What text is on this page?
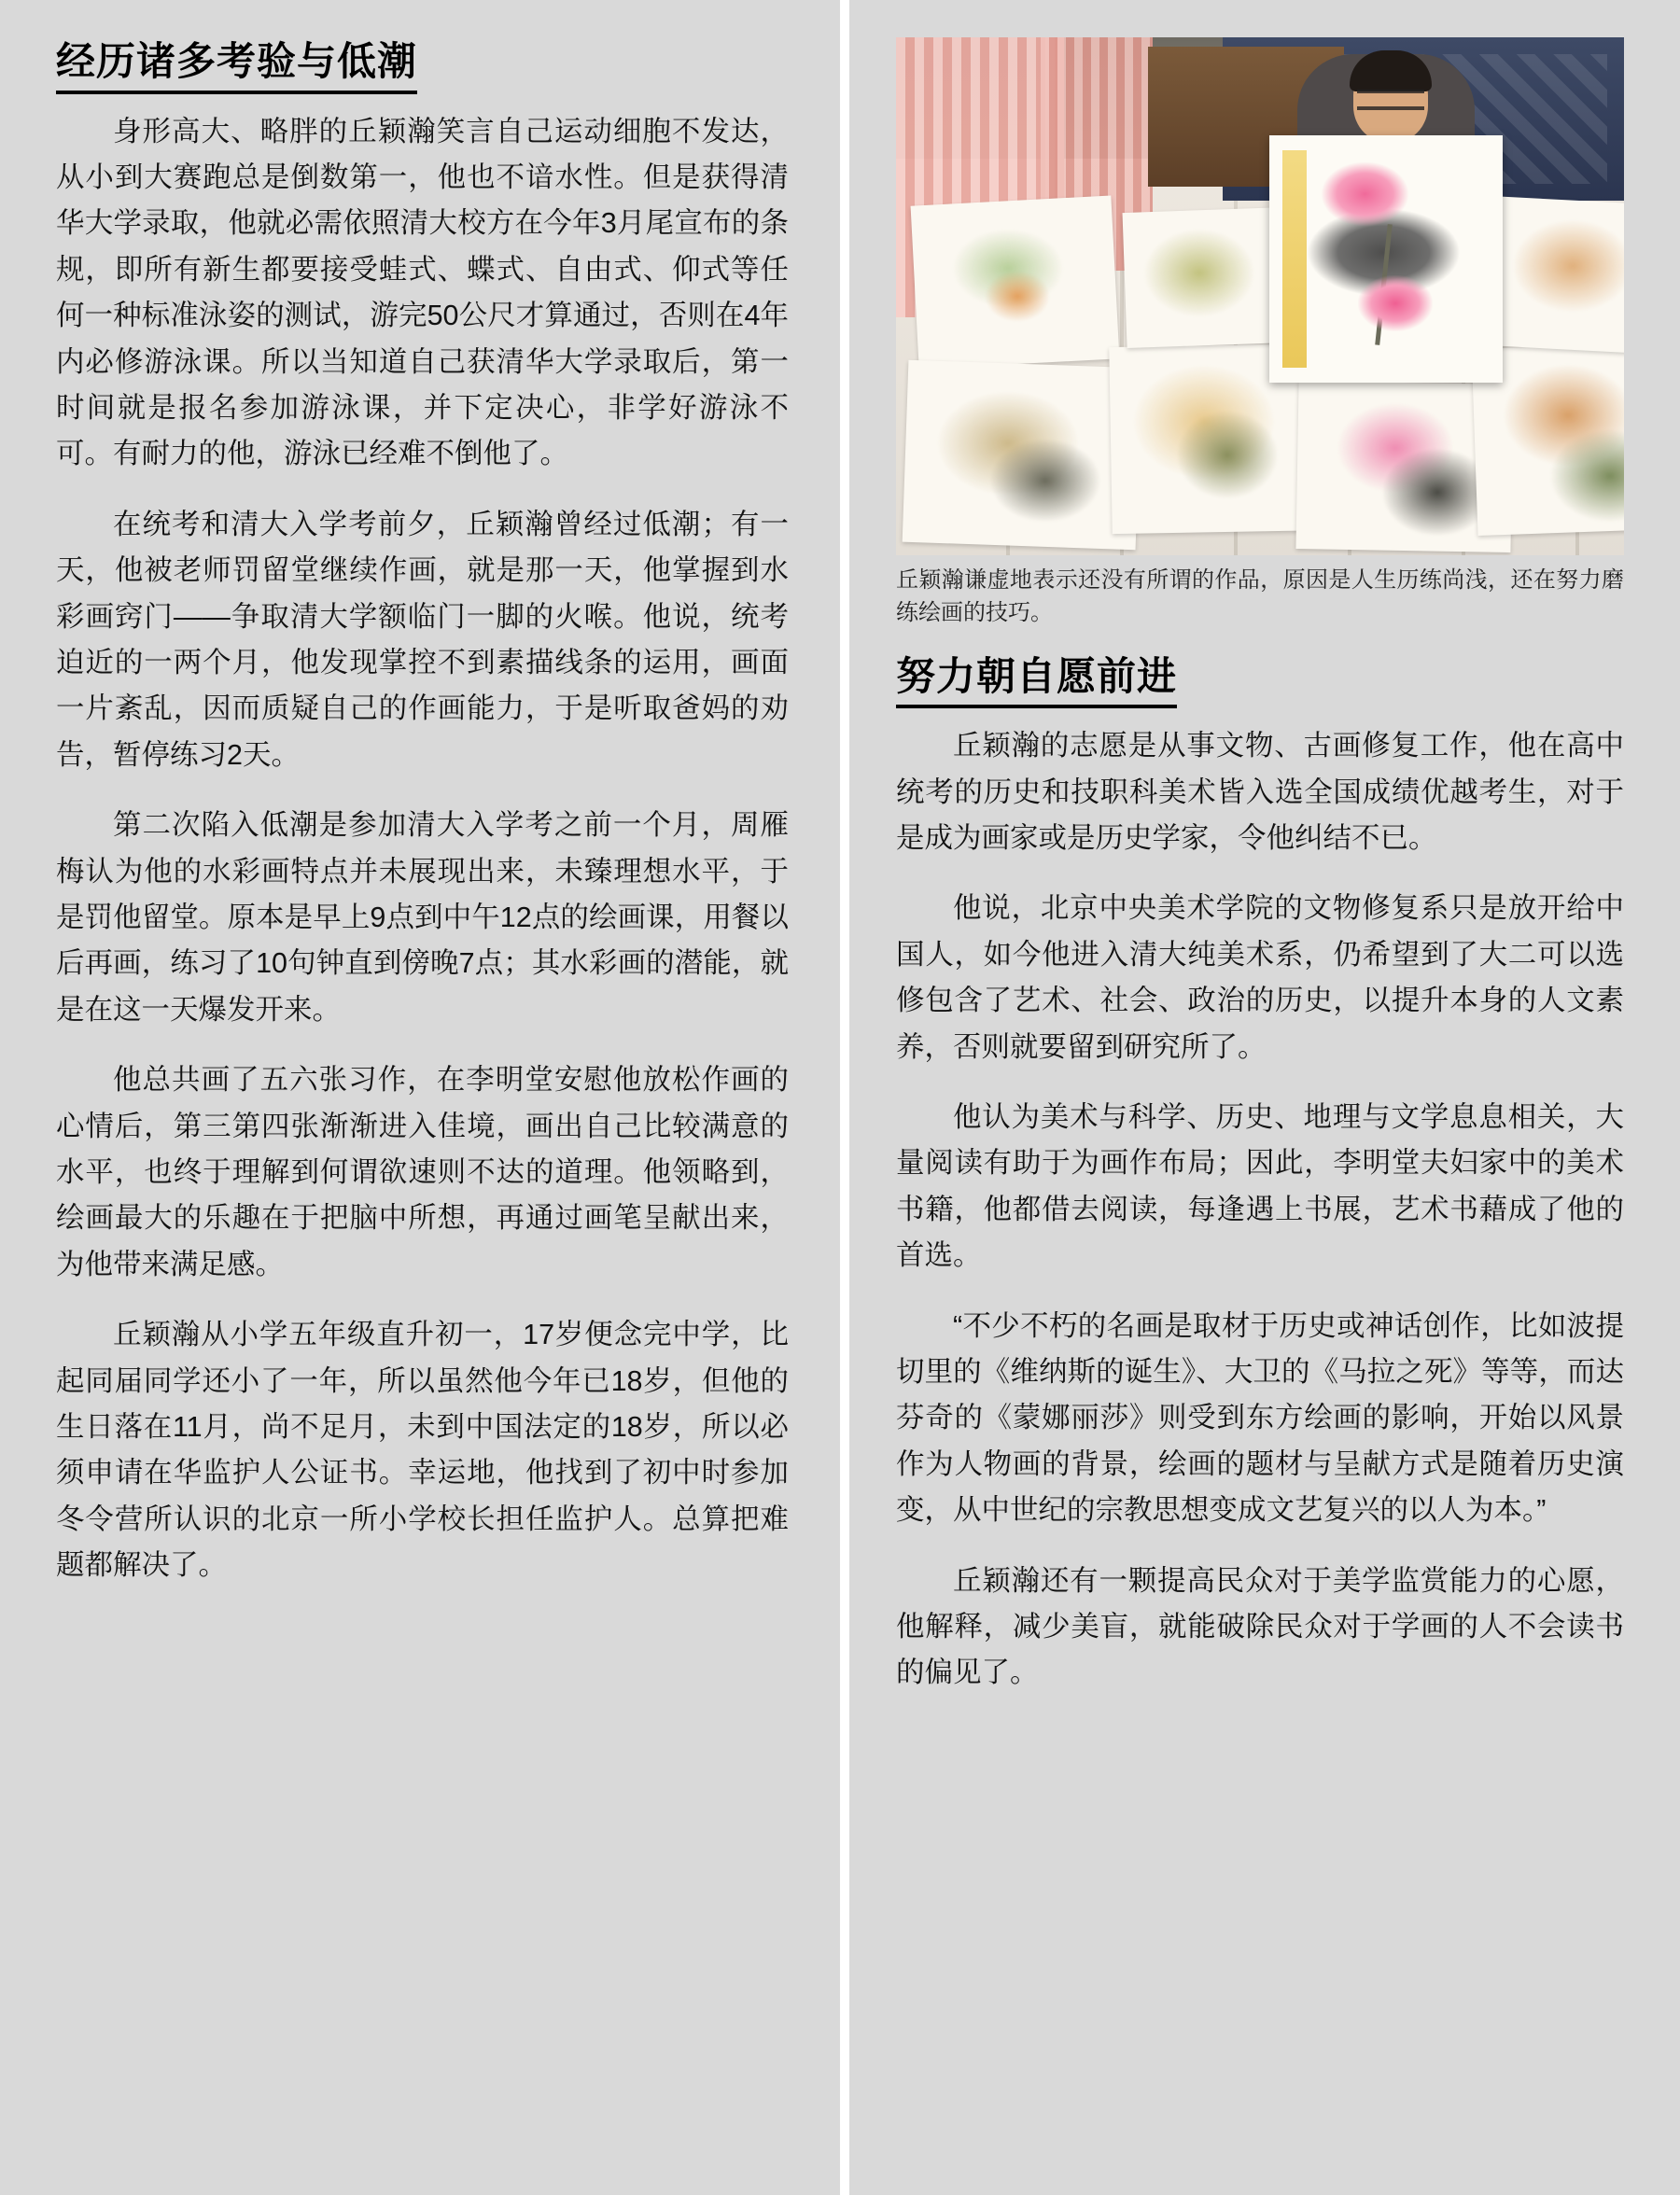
经历诸多考验与低潮

身形高大、略胖的丘颖瀚笑言自己运动细胞不发达，从小到大赛跑总是倒数第一，他也不谙水性。但是获得清华大学录取，他就必需依照清大校方在今年3月尾宣布的条规，即所有新生都要接受蛙式、蝶式、自由式、仰式等任何一种标准泳姿的测试，游完50公尺才算通过，否则在4年内必修游泳课。所以当知道自己获清华大学录取后，第一时间就是报名参加游泳课，并下定决心，非学好游泳不可。有耐力的他，游泳已经难不倒他了。

在统考和清大入学考前夕，丘颖瀚曾经过低潮；有一天，他被老师罚留堂继续作画，就是那一天，他掌握到水彩画窍门——争取清大学额临门一脚的火喉。他说，统考迫近的一两个月，他发现掌控不到素描线条的运用，画面一片紊乱，因而质疑自己的作画能力，于是听取爸妈的劝告，暂停练习2天。

第二次陷入低潮是参加清大入学考之前一个月，周雁梅认为他的水彩画特点并未展现出来，未臻理想水平，于是罚他留堂。原本是早上9点到中午12点的绘画课，用餐以后再画，练习了10句钟直到傍晚7点；其水彩画的潜能，就是在这一天爆发开来。

他总共画了五六张习作，在李明堂安慰他放松作画的心情后，第三第四张渐渐进入佳境，画出自己比较满意的水平，也终于理解到何谓欲速则不达的道理。他领略到，绘画最大的乐趣在于把脑中所想，再通过画笔呈献出来，为他带来满足感。

丘颖瀚从小学五年级直升初一，17岁便念完中学，比起同届同学还小了一年，所以虽然他今年已18岁，但他的生日落在11月，尚不足月，未到中国法定的18岁，所以必须申请在华监护人公证书。幸运地，他找到了初中时参加冬令营所认识的北京一所小学校长担任监护人。总算把难题都解决了。

丘颖瀚谦虚地表示还没有所谓的作品，原因是人生历练尚浅，还在努力磨练绘画的技巧。
努力朝自愿前进

丘颖瀚的志愿是从事文物、古画修复工作，他在高中统考的历史和技职科美术皆入选全国成绩优越考生，对于是成为画家或是历史学家，令他纠结不已。

他说，北京中央美术学院的文物修复系只是放开给中国人，如今他进入清大纯美术系，仍希望到了大二可以选修包含了艺术、社会、政治的历史，以提升本身的人文素养，否则就要留到研究所了。

他认为美术与科学、历史、地理与文学息息相关，大量阅读有助于为画作布局；因此，李明堂夫妇家中的美术书籍，他都借去阅读，每逢遇上书展，艺术书藉成了他的首选。

“不少不朽的名画是取材于历史或神话创作，比如波提切里的《维纳斯的诞生》、大卫的《马拉之死》等等，而达芬奇的《蒙娜丽莎》则受到东方绘画的影响，开始以风景作为人物画的背景，绘画的题材与呈献方式是随着历史演变，从中世纪的宗教思想变成文艺复兴的以人为本。”

丘颖瀚还有一颗提高民众对于美学监赏能力的心愿，他解释，减少美盲，就能破除民众对于学画的人不会读书的偏见了。
